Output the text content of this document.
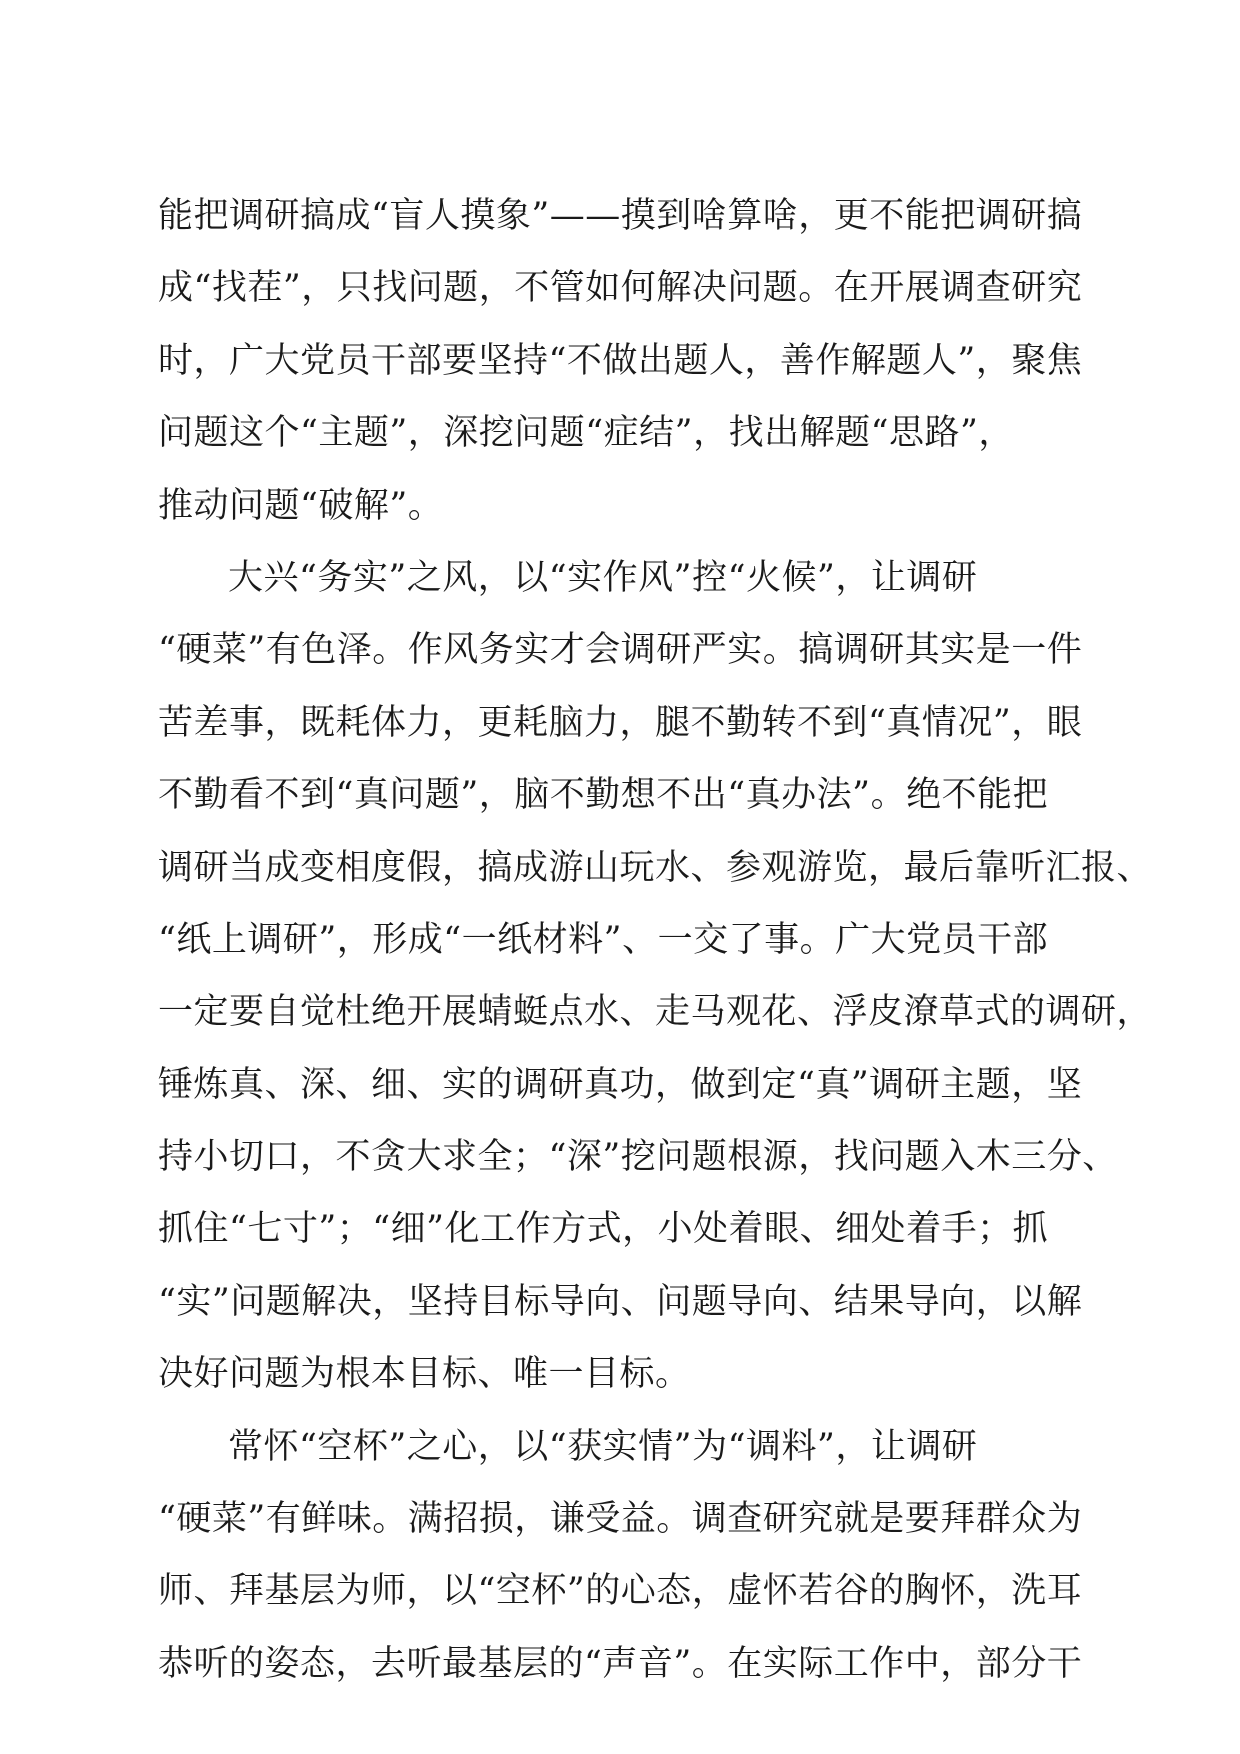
能把调研搞成“盲人摸象”——摸到啥算啥，更不能把调研搞
成“找茬”，只找问题，不管如何解决问题。在开展调查研究
时，广大党员干部要坚持“不做出题人，善作解题人”，聚焦
问题这个“主题”，深挖问题“症结”，找出解题“思路”，
推动问题“破解”。
大兴“务实”之风，以“实作风”控“火候”，让调研
“硬菜”有色泽。作风务实才会调研严实。搞调研其实是一件
苦差事，既耗体力，更耗脑力，腿不勤转不到“真情况”，眼
不勤看不到“真问题”，脑不勤想不出“真办法”。绝不能把
调研当成变相度假，搞成游山玩水、参观游览，最后靠听汇报、
“纸上调研”，形成“一纸材料”、一交了事。广大党员干部
一定要自觉杜绝开展蜻蜓点水、走马观花、浮皮潦草式的调研，
锤炼真、深、细、实的调研真功，做到定“真”调研主题，坚
持小切口，不贪大求全；“深”挖问题根源，找问题入木三分、
抓住“七寸”；“细”化工作方式，小处着眼、细处着手；抓
“实”问题解决，坚持目标导向、问题导向、结果导向，以解
决好问题为根本目标、唯一目标。
常怀“空杯”之心，以“获实情”为“调料”，让调研
“硬菜”有鲜味。满招损，谦受益。调查研究就是要拜群众为
师、拜基层为师，以“空杯”的心态，虚怀若谷的胸怀，洗耳
恭听的姿态，去听最基层的“声音”。在实际工作中，部分干
